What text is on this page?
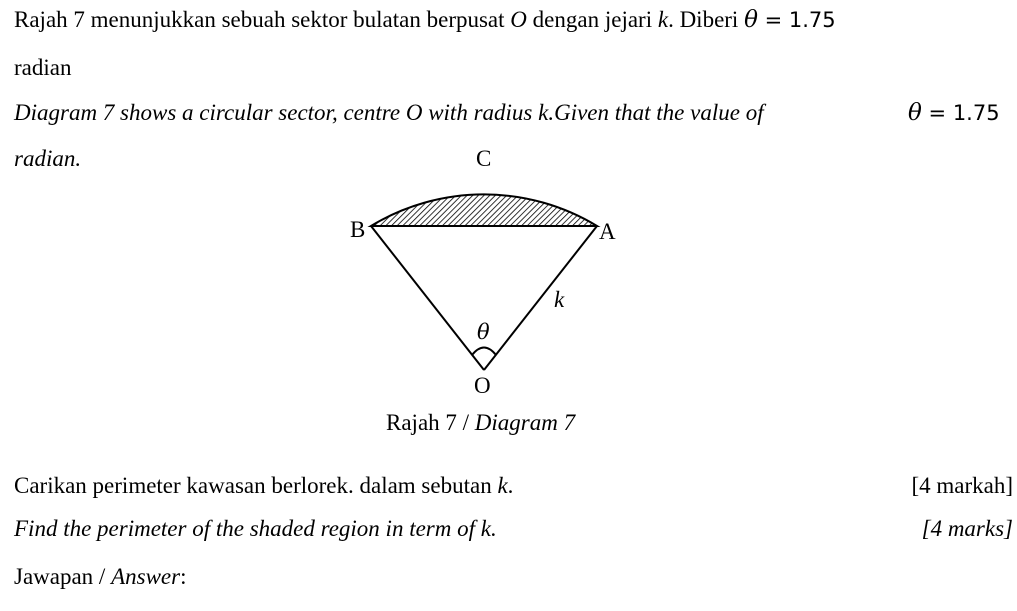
Rajah 7 menunjukkan sebuah sektor bulatan berpusat O dengan jejari k. Diberi θ = 1.75
radian
Diagram 7 shows a circular sector, centre O with radius k.Given that the value of	θ = 1.75
radian.	C
B	A
k
θ
O
Rajah 7 / Diagram 7
Carikan perimeter kawasan berlorek. dalam sebutan k.	[4 markah]
Find the perimeter of the shaded region in term of k.	[4 marks]
Jawapan / Answer:
